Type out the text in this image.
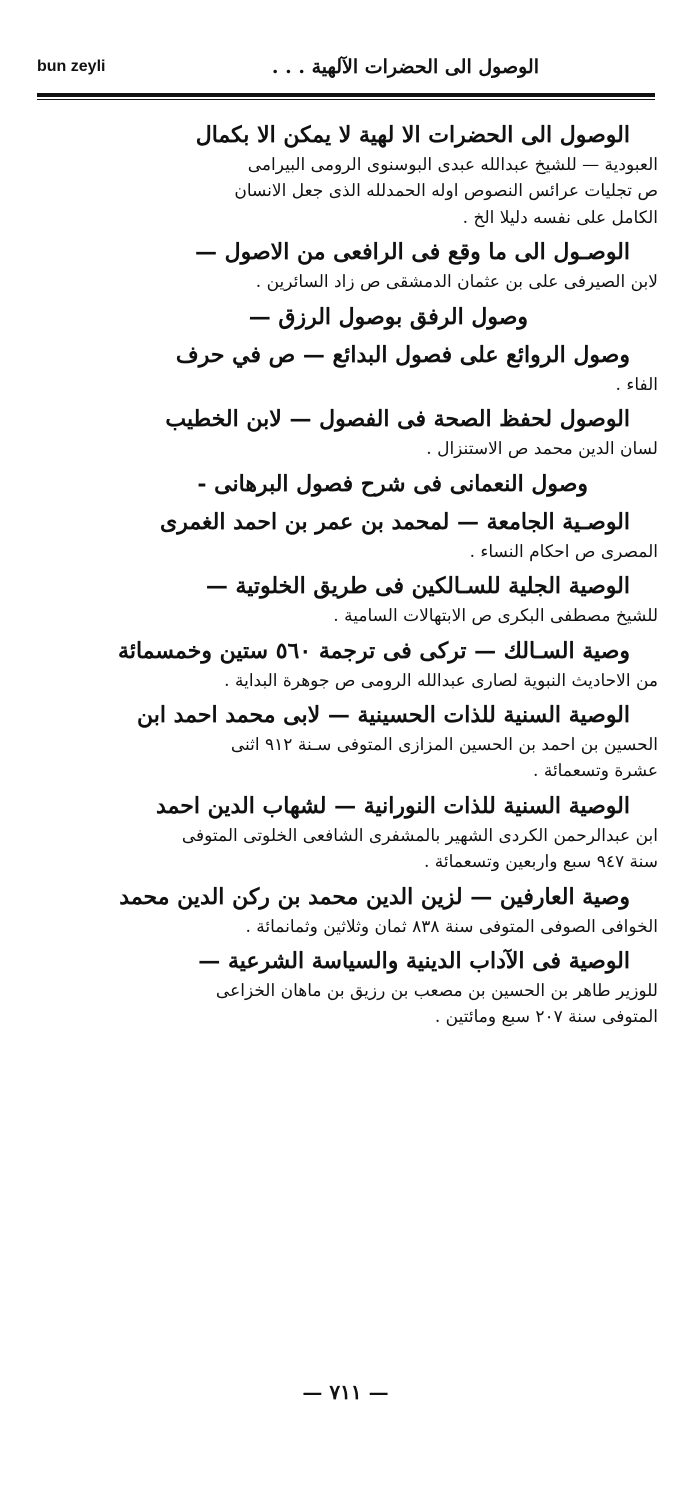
bun zeyli	الوصول الى الحضرات الآلهية . . .
الوصول الى الحضرات الا لهية لا يمكن الا بكمال
العبودية — للشيخ عبدالله عبدى البوسنوى الرومى البيرامى
ص تجليات عرائس النصوص اوله الحمدلله الذى جعل الانسان
الكامل على نفسه دليلا الخ .
الوصـول الى ما وقع فى الرافعى من الاصول —
لابن الصيرفى على بن عثمان الدمشقى ص زاد السائرين .
وصول الرفق بوصول الرزق —
وصول الروائع على فصول البدائع — ص في حرف
الفاء .
الوصول لحفظ الصحة فى الفصول — لابن الخطيب
لسان الدين محمد ص الاستنزال .
وصول النعمانى فى شرح فصول البرهانى -
الوصـية الجامعة — لمحمد بن عمر بن احمد الغمرى
المصرى ص احكام النساء .
الوصية الجلية للسـالكين فى طريق الخلوتية —
للشيخ مصطفى البكرى ص الابتهالات السامية .
وصية السـالك — تركى فى ترجمة ٥٦٠ ستين وخمسمائة
من الاحاديث النبوية لصارى عبدالله الرومى ص جوهرة البداية .
الوصية السنية للذات الحسينية — لابى محمد احمد ابن
الحسين بن احمد بن الحسين المزازى المتوفى سـنة ٩١٢ اثنى
عشرة وتسعمائة .
الوصية السنية للذات النورانية — لشهاب الدين احمد
ابن عبدالرحمن الكردى الشهير بالمشفرى الشافعى الخلوتى المتوفى
سنة ٩٤٧ سبع واربعين وتسعمائة .
وصية العارفين — لزين الدين محمد بن ركن الدين محمد
الخوافى الصوفى المتوفى سنة ٨٣٨ ثمان وثلاثين وثمانمائة .
الوصية فى الآداب الدينية والسياسة الشرعية —
للوزير طاهر بن الحسين بن مصعب بن رزيق بن ماهان الخزاعى
المتوفى سنة ٢٠٧ سبع ومائتين .
— ٧١١ —
